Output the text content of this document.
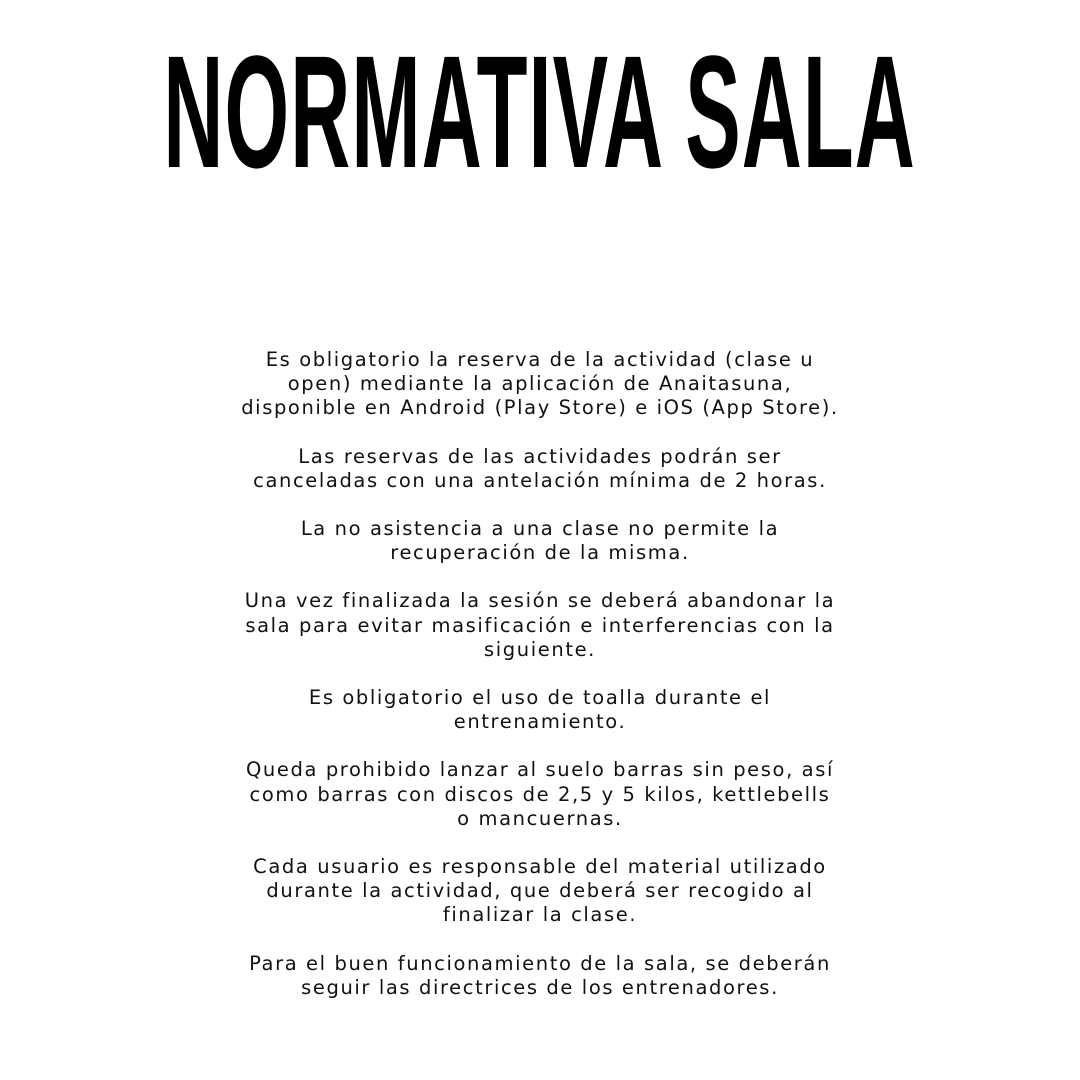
NORMATIVA SALA
Es obligatorio la reserva de la actividad (clase u open) mediante la aplicación de Anaitasuna, disponible en Android (Play Store) e iOS (App Store).
Las reservas de las actividades podrán ser canceladas con una antelación mínima de 2 horas.
La no asistencia a una clase no permite la recuperación de la misma.
Una vez finalizada la sesión se deberá abandonar la sala para evitar masificación e interferencias con la siguiente.
Es obligatorio el uso de toalla durante el entrenamiento.
Queda prohibido lanzar al suelo barras sin peso, así como barras con discos de 2,5 y 5 kilos, kettlebells o mancuernas.
Cada usuario es responsable del material utilizado durante la actividad, que deberá ser recogido al finalizar la clase.
Para el buen funcionamiento de la sala, se deberán seguir las directrices de los entrenadores.
